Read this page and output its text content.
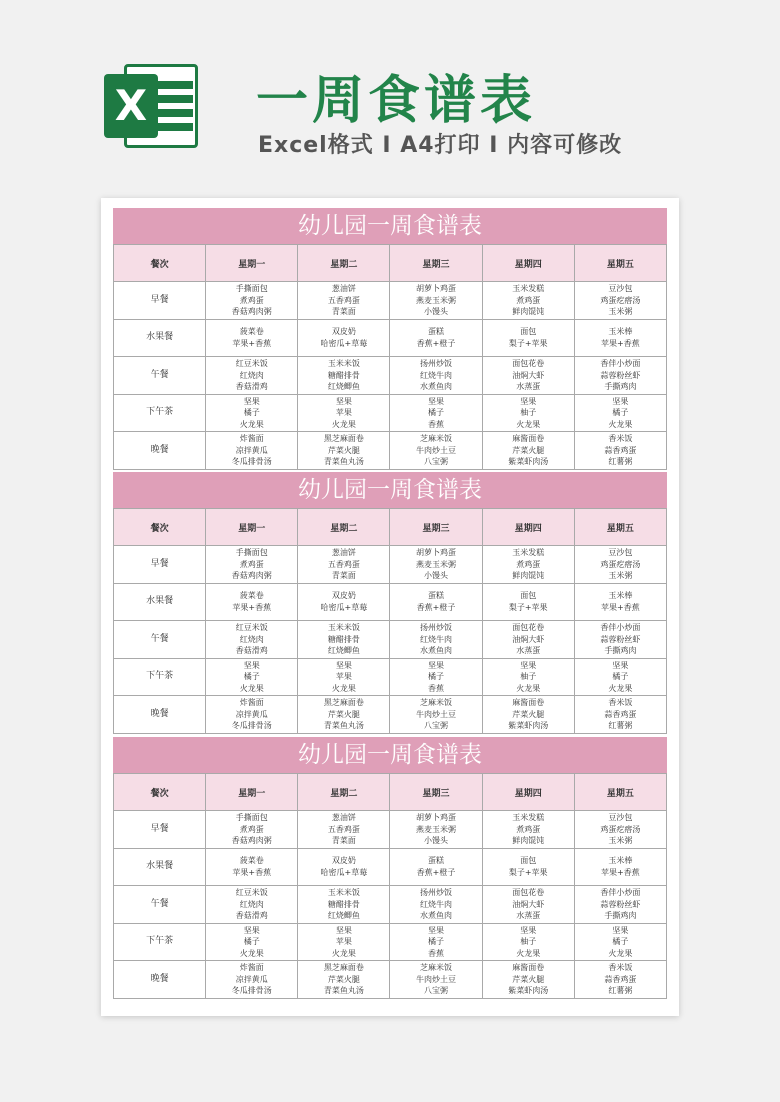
X 一周食谱表
Excel格式 Ⅰ A4打印 Ⅰ 内容可修改
幼儿园一周食谱表
餐次	星期一	星期二	星期三	星期四	星期五
早餐	手撕面包
煮鸡蛋
香菇鸡肉粥	葱油饼
五香鸡蛋
青菜面	胡萝卜鸡蛋
燕麦玉米粥
小馒头	玉米发糕
煮鸡蛋
鲜肉馄饨	豆沙包
鸡蛋疙瘩汤
玉米粥

水果餐	菠菜卷
苹果+香蕉	双皮奶
哈密瓜+草莓	蛋糕
香蕉+橙子	面包
梨子+苹果	玉米棒
苹果+香蕉

午餐	红豆米饭
红烧肉
香菇滑鸡	玉米米饭
糖醋排骨
红烧鲫鱼	扬州炒饭
红烧牛肉
水煮鱼肉	面包花卷
油焖大虾
水蒸蛋	香伴小炒面
蒜蓉粉丝虾
手撕鸡肉

下午茶	坚果
橘子
火龙果	坚果
苹果
火龙果	坚果
橘子
香蕉	坚果
柚子
火龙果	坚果
橘子
火龙果

晚餐	炸酱面
凉拌黄瓜
冬瓜排骨汤	黑芝麻面卷
芹菜火腿
青菜鱼丸汤	芝麻米饭
牛肉炒土豆
八宝粥	麻酱面卷
芹菜火腿
紫菜虾肉汤	香米饭
蒜香鸡蛋
红薯粥
幼儿园一周食谱表
餐次	星期一	星期二	星期三	星期四	星期五
早餐	手撕面包
煮鸡蛋
香菇鸡肉粥	葱油饼
五香鸡蛋
青菜面	胡萝卜鸡蛋
燕麦玉米粥
小馒头	玉米发糕
煮鸡蛋
鲜肉馄饨	豆沙包
鸡蛋疙瘩汤
玉米粥

水果餐	菠菜卷
苹果+香蕉	双皮奶
哈密瓜+草莓	蛋糕
香蕉+橙子	面包
梨子+苹果	玉米棒
苹果+香蕉

午餐	红豆米饭
红烧肉
香菇滑鸡	玉米米饭
糖醋排骨
红烧鲫鱼	扬州炒饭
红烧牛肉
水煮鱼肉	面包花卷
油焖大虾
水蒸蛋	香伴小炒面
蒜蓉粉丝虾
手撕鸡肉

下午茶	坚果
橘子
火龙果	坚果
苹果
火龙果	坚果
橘子
香蕉	坚果
柚子
火龙果	坚果
橘子
火龙果

晚餐	炸酱面
凉拌黄瓜
冬瓜排骨汤	黑芝麻面卷
芹菜火腿
青菜鱼丸汤	芝麻米饭
牛肉炒土豆
八宝粥	麻酱面卷
芹菜火腿
紫菜虾肉汤	香米饭
蒜香鸡蛋
红薯粥
幼儿园一周食谱表
餐次	星期一	星期二	星期三	星期四	星期五
早餐	手撕面包
煮鸡蛋
香菇鸡肉粥	葱油饼
五香鸡蛋
青菜面	胡萝卜鸡蛋
燕麦玉米粥
小馒头	玉米发糕
煮鸡蛋
鲜肉馄饨	豆沙包
鸡蛋疙瘩汤
玉米粥

水果餐	菠菜卷
苹果+香蕉	双皮奶
哈密瓜+草莓	蛋糕
香蕉+橙子	面包
梨子+苹果	玉米棒
苹果+香蕉

午餐	红豆米饭
红烧肉
香菇滑鸡	玉米米饭
糖醋排骨
红烧鲫鱼	扬州炒饭
红烧牛肉
水煮鱼肉	面包花卷
油焖大虾
水蒸蛋	香伴小炒面
蒜蓉粉丝虾
手撕鸡肉

下午茶	坚果
橘子
火龙果	坚果
苹果
火龙果	坚果
橘子
香蕉	坚果
柚子
火龙果	坚果
橘子
火龙果

晚餐	炸酱面
凉拌黄瓜
冬瓜排骨汤	黑芝麻面卷
芹菜火腿
青菜鱼丸汤	芝麻米饭
牛肉炒土豆
八宝粥	麻酱面卷
芹菜火腿
紫菜虾肉汤	香米饭
蒜香鸡蛋
红薯粥
